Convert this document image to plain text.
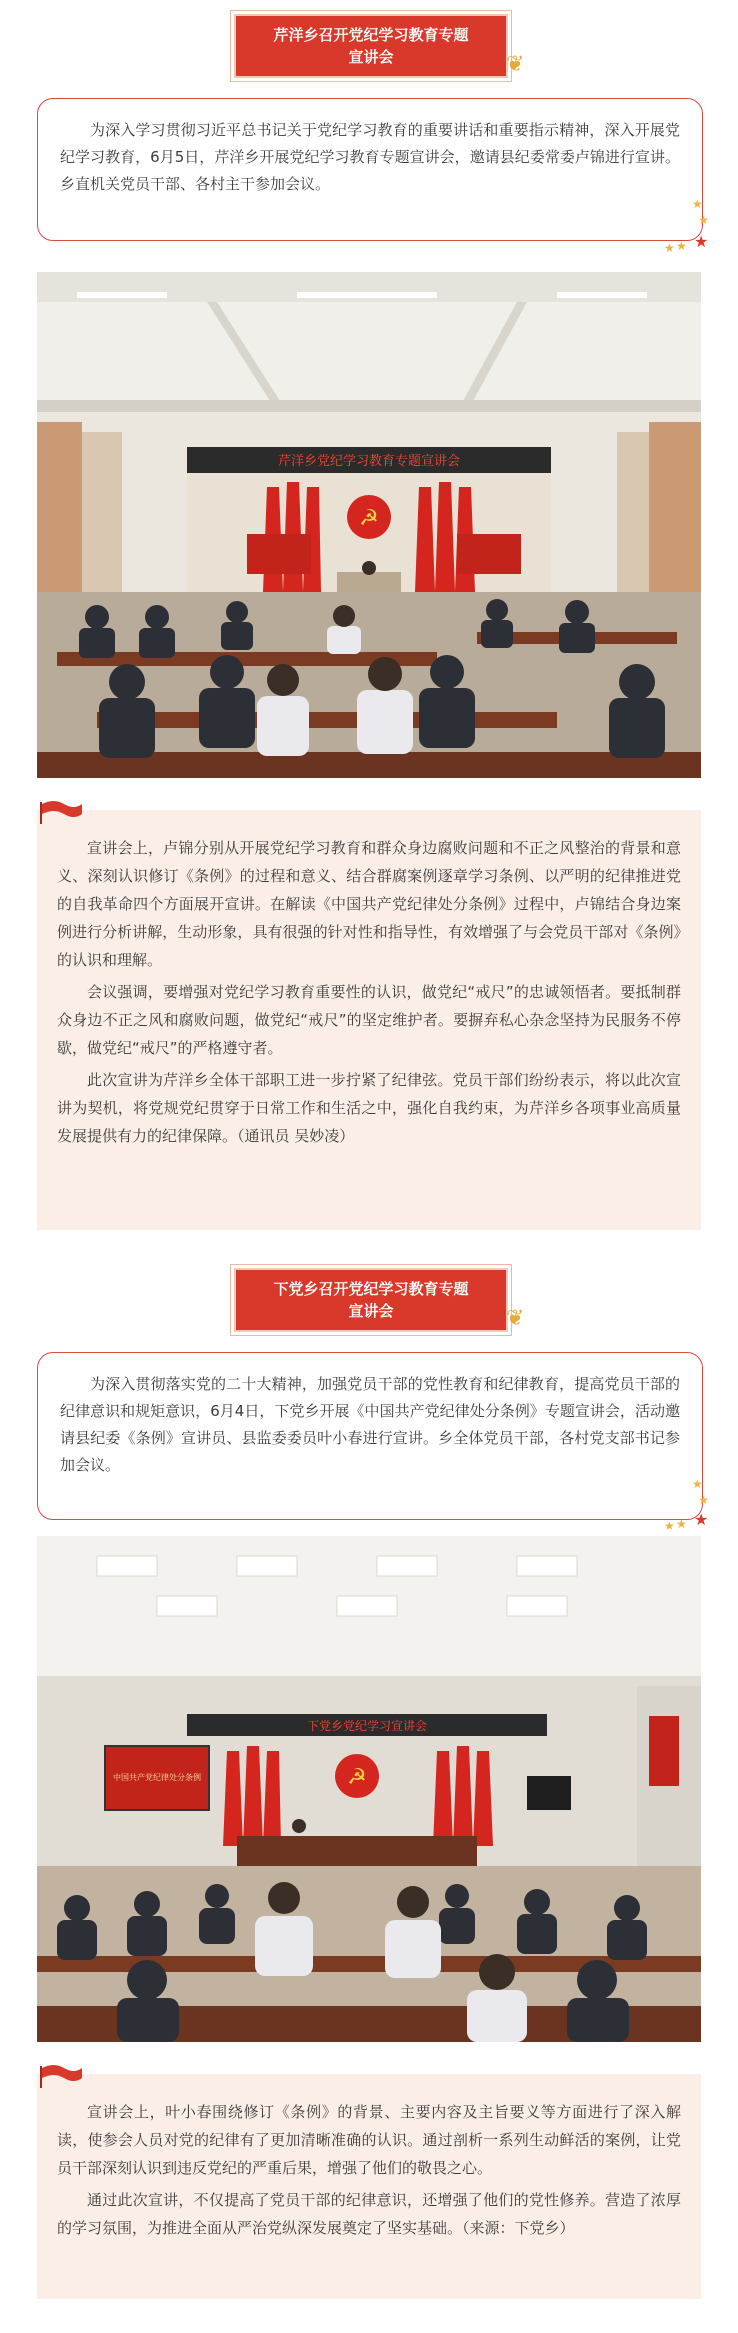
芹洋乡召开党纪学习教育专题
宣讲会	❦

为深入学习贯彻习近平总书记关于党纪学习教育的重要讲话和重要指示精神，深入开展党纪学习教育，6月5日，芹洋乡开展党纪学习教育专题宣讲会，邀请县纪委常委卢锦进行宣讲。乡直机关党员干部、各村主干参加会议。

★
★
★ ★ ★
芹洋乡党纪学习教育专题宣讲会
☭

宣讲会上，卢锦分别从开展党纪学习教育和群众身边腐败问题和不正之风整治的背景和意义、深刻认识修订《条例》的过程和意义、结合群腐案例逐章学习条例、以严明的纪律推进党的自我革命四个方面展开宣讲。在解读《中国共产党纪律处分条例》过程中，卢锦结合身边案例进行分析讲解，生动形象，具有很强的针对性和指导性，有效增强了与会党员干部对《条例》的认识和理解。

会议强调，要增强对党纪学习教育重要性的认识，做党纪“戒尺”的忠诚领悟者。要抵制群众身边不正之风和腐败问题，做党纪“戒尺”的坚定维护者。要摒弃私心杂念坚持为民服务不停歇，做党纪“戒尺”的严格遵守者。

此次宣讲为芹洋乡全体干部职工进一步拧紧了纪律弦。党员干部们纷纷表示，将以此次宣讲为契机，将党规党纪贯穿于日常工作和生活之中，强化自我约束，为芹洋乡各项事业高质量发展提供有力的纪律保障。（通讯员 吴妙凌）

下党乡召开党纪学习教育专题
宣讲会	❦

为深入贯彻落实党的二十大精神，加强党员干部的党性教育和纪律教育，提高党员干部的纪律意识和规矩意识，6月4日，下党乡开展《中国共产党纪律处分条例》专题宣讲会，活动邀请县纪委《条例》宣讲员、县监委委员叶小春进行宣讲。乡全体党员干部，各村党支部书记参加会议。

★
★
★ ★ ★
下党乡党纪学习宣讲会
中国共产党纪律处分条例	☭

宣讲会上，叶小春围绕修订《条例》的背景、主要内容及主旨要义等方面进行了深入解读，使参会人员对党的纪律有了更加清晰准确的认识。通过剖析一系列生动鲜活的案例，让党员干部深刻认识到违反党纪的严重后果，增强了他们的敬畏之心。

通过此次宣讲，不仅提高了党员干部的纪律意识，还增强了他们的党性修养。营造了浓厚的学习氛围，为推进全面从严治党纵深发展奠定了坚实基础。（来源：下党乡）
